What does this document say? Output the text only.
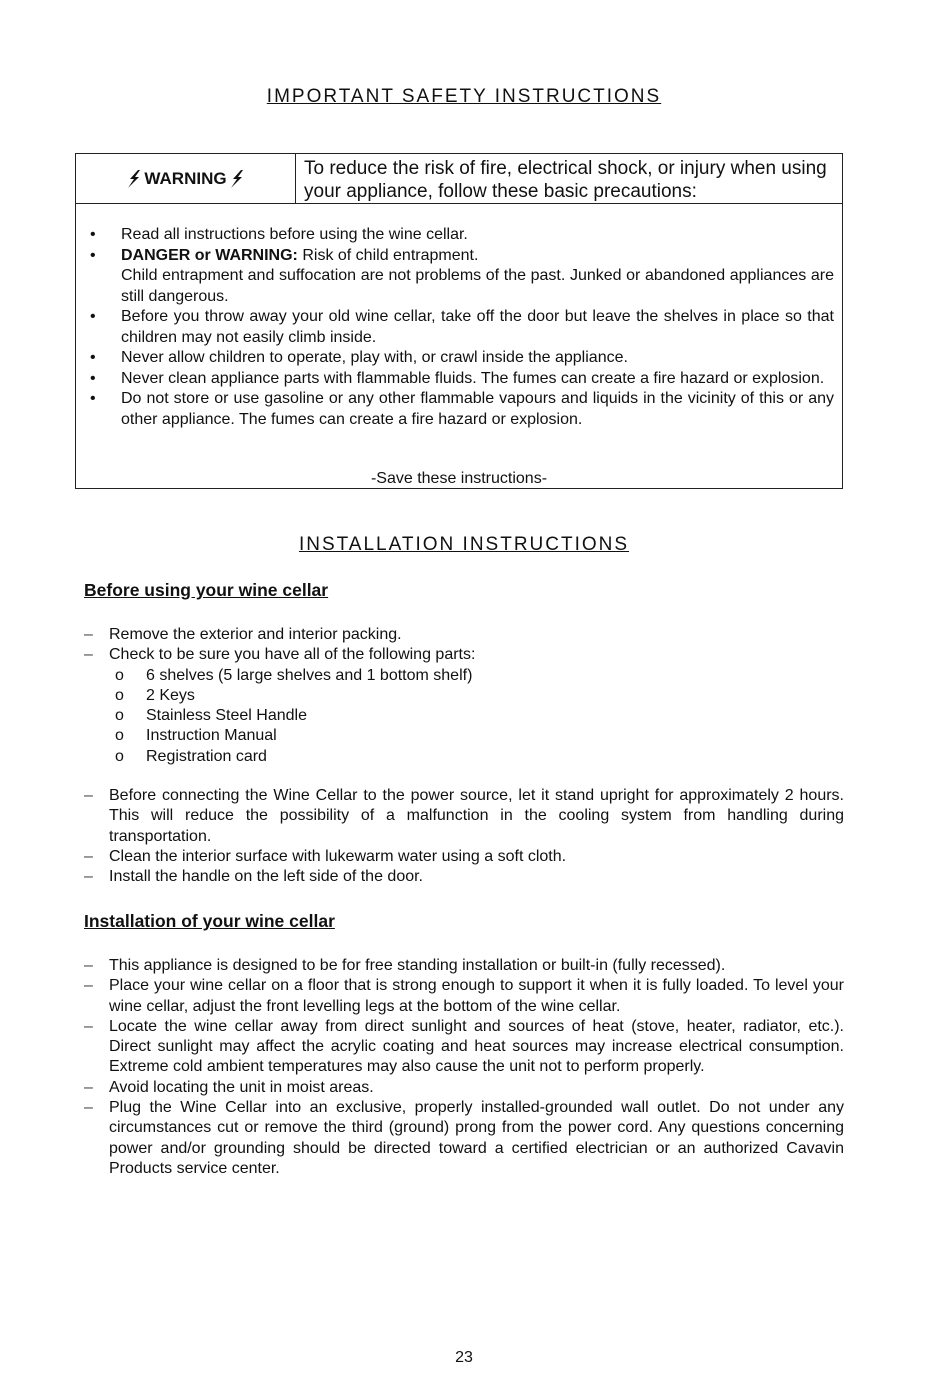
IMPORTANT SAFETY INSTRUCTIONS
WARNING	To reduce the risk of fire, electrical shock, or injury when using your appliance, follow these basic precautions:
• Read all instructions before using the wine cellar.
• DANGER or WARNING: Risk of child entrapment.
Child entrapment and suffocation are not problems of the past. Junked or abandoned appliances are still dangerous.
• Before you throw away your old wine cellar, take off the door but leave the shelves in place so that children may not easily climb inside.
• Never allow children to operate, play with, or crawl inside the appliance.
• Never clean appliance parts with flammable fluids. The fumes can create a fire hazard or explosion.
• Do not store or use gasoline or any other flammable vapours and liquids in the vicinity of this or any other appliance. The fumes can create a fire hazard or explosion.
-Save these instructions-
INSTALLATION INSTRUCTIONS
Before using your wine cellar
– Remove the exterior and interior packing.
– Check to be sure you have all of the following parts:
o 6 shelves (5 large shelves and 1 bottom shelf)
o 2 Keys
o Stainless Steel Handle
o Instruction Manual
o Registration card
– Before connecting the Wine Cellar to the power source, let it stand upright for approximately 2 hours. This will reduce the possibility of a malfunction in the cooling system from handling during transportation.
– Clean the interior surface with lukewarm water using a soft cloth.
– Install the handle on the left side of the door.
Installation of your wine cellar
– This appliance is designed to be for free standing installation or built-in (fully recessed).
– Place your wine cellar on a floor that is strong enough to support it when it is fully loaded. To level your wine cellar, adjust the front levelling legs at the bottom of the wine cellar.
– Locate the wine cellar away from direct sunlight and sources of heat (stove, heater, radiator, etc.). Direct sunlight may affect the acrylic coating and heat sources may increase electrical consumption. Extreme cold ambient temperatures may also cause the unit not to perform properly.
– Avoid locating the unit in moist areas.
– Plug the Wine Cellar into an exclusive, properly installed-grounded wall outlet. Do not under any circumstances cut or remove the third (ground) prong from the power cord. Any questions concerning power and/or grounding should be directed toward a certified electrician or an authorized Cavavin Products service center.
23
